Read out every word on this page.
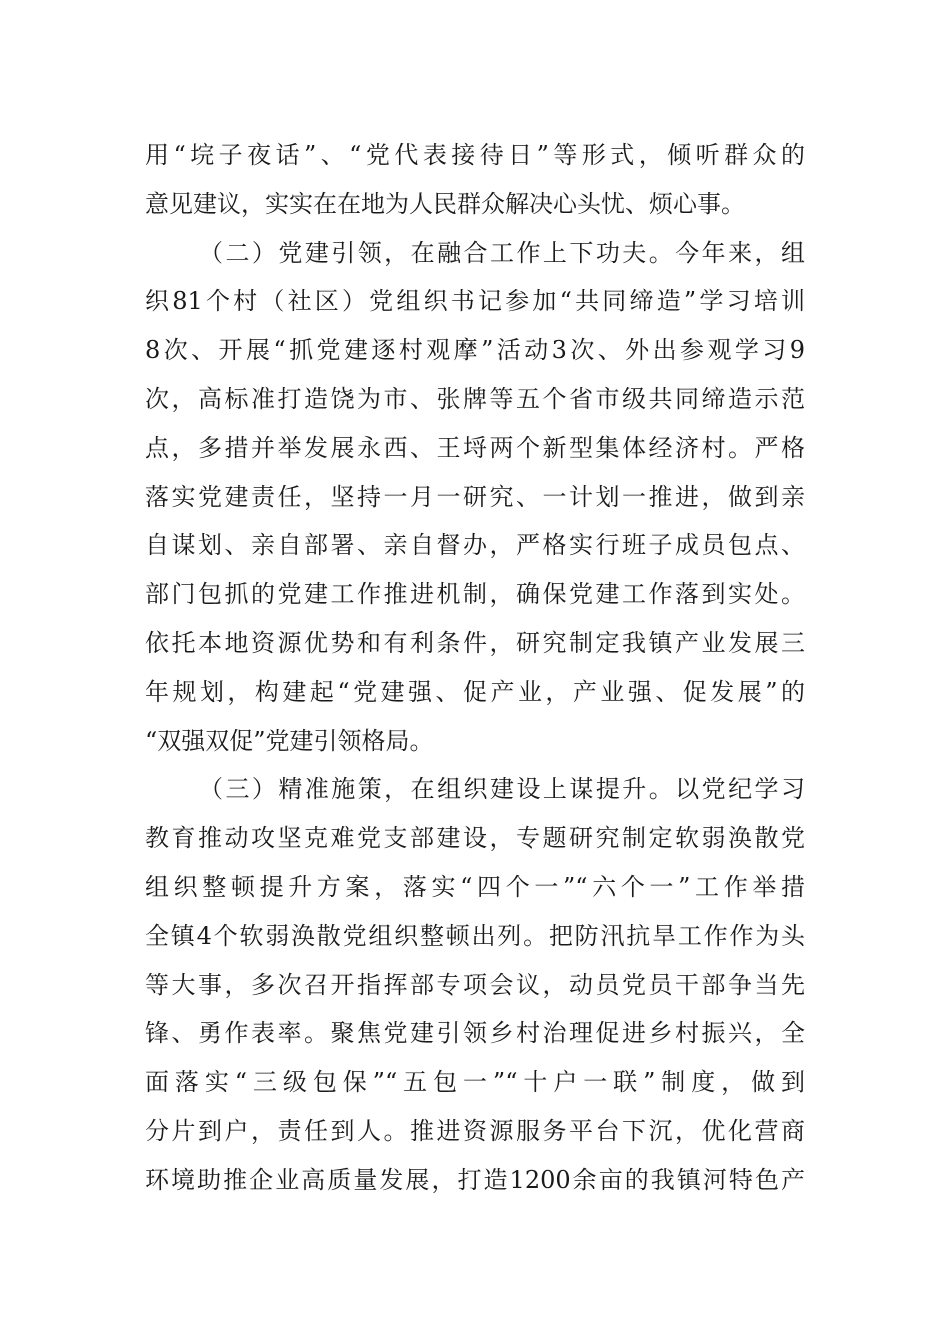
用“垸子夜话”、“党代表接待日”等形式，倾听群众的
意见建议，实实在在地为人民群众解决心头忧、烦心事。
（二）党建引领，在融合工作上下功夫。今年来，组
织81个村（社区）党组织书记参加“共同缔造”学习培训
8次、开展“抓党建逐村观摩”活动3次、外出参观学习9
次，高标准打造饶为市、张牌等五个省市级共同缔造示范
点，多措并举发展永西、王埒两个新型集体经济村。严格
落实党建责任，坚持一月一研究、一计划一推进，做到亲
自谋划、亲自部署、亲自督办，严格实行班子成员包点、
部门包抓的党建工作推进机制，确保党建工作落到实处。
依托本地资源优势和有利条件，研究制定我镇产业发展三
年规划，构建起“党建强、促产业，产业强、促发展”的
“双强双促”党建引领格局。
（三）精准施策，在组织建设上谋提升。以党纪学习
教育推动攻坚克难党支部建设，专题研究制定软弱涣散党
组织整顿提升方案，落实“四个一”“六个一”工作举措
全镇4个软弱涣散党组织整顿出列。把防汛抗旱工作作为头
等大事，多次召开指挥部专项会议，动员党员干部争当先
锋、勇作表率。聚焦党建引领乡村治理促进乡村振兴，全
面落实“三级包保”“五包一”“十户一联”制度，做到
分片到户，责任到人。推进资源服务平台下沉，优化营商
环境助推企业高质量发展，打造1200余亩的我镇河特色产
